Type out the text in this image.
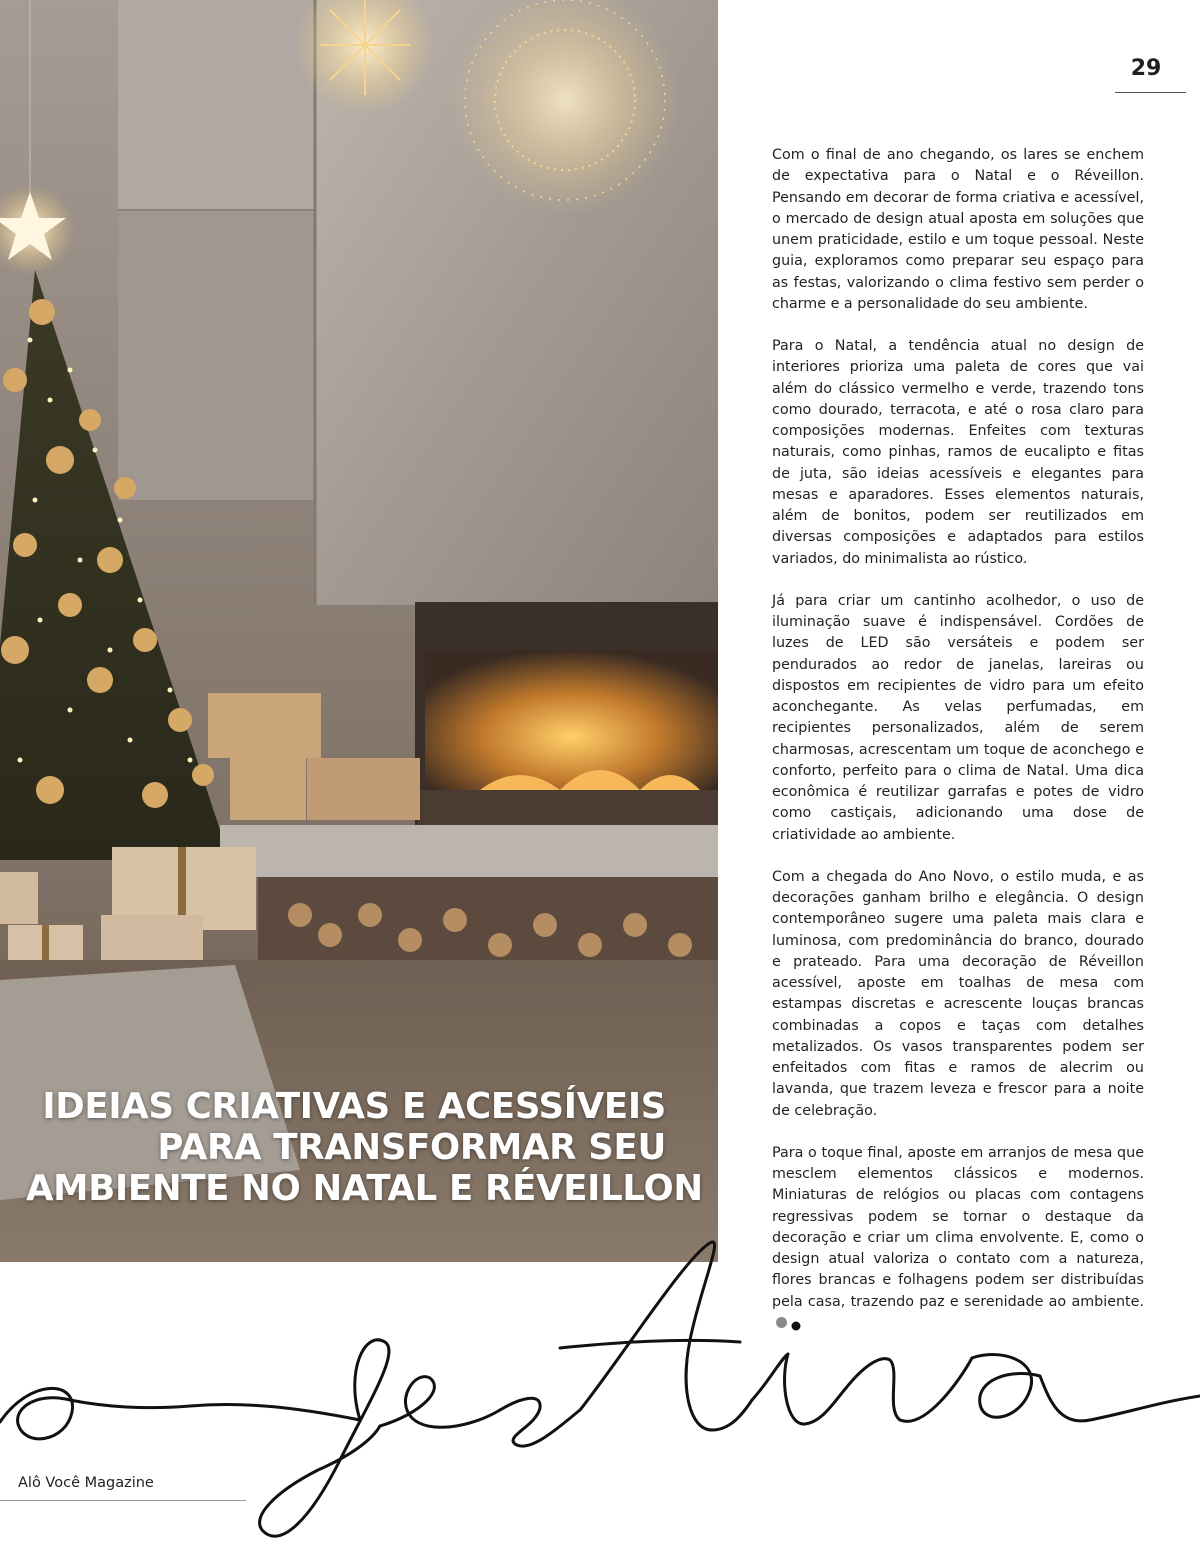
IDEIAS CRIATIVAS E ACESSÍVEIS
PARA TRANSFORMAR SEU
AMBIENTE NO NATAL E RÉVEILLON
29

Com o final de ano chegando, os lares se enchem de expectativa para o Natal e o Réveillon. Pensando em decorar de forma criativa e acessível, o mercado de design atual aposta em soluções que unem praticidade, estilo e um toque pessoal. Neste guia, exploramos como preparar seu espaço para as festas, valorizando o clima festivo sem perder o charme e a personalidade do seu ambiente.

Para o Natal, a tendência atual no design de interiores prioriza uma paleta de cores que vai além do clássico vermelho e verde, trazendo tons como dourado, terracota, e até o rosa claro para composições modernas. Enfeites com texturas naturais, como pinhas, ramos de eucalipto e fitas de juta, são ideias acessíveis e elegantes para mesas e aparadores. Esses elementos naturais, além de bonitos, podem ser reutilizados em diversas composições e adaptados para estilos variados, do minimalista ao rústico.

Já para criar um cantinho acolhedor, o uso de iluminação suave é indispensável. Cordões de luzes de LED são versáteis e podem ser pendurados ao redor de janelas, lareiras ou dispostos em recipientes de vidro para um efeito aconchegante. As velas perfumadas, em recipientes personalizados, além de serem charmosas, acrescentam um toque de aconchego e conforto, perfeito para o clima de Natal. Uma dica econômica é reutilizar garrafas e potes de vidro como castiçais, adicionando uma dose de criatividade ao ambiente.

Com a chegada do Ano Novo, o estilo muda, e as decorações ganham brilho e elegância. O design contemporâneo sugere uma paleta mais clara e luminosa, com predominância do branco, dourado e prateado. Para uma decoração de Réveillon acessível, aposte em toalhas de mesa com estampas discretas e acrescente louças brancas combinadas a copos e taças com detalhes metalizados. Os vasos transparentes podem ser enfeitados com fitas e ramos de alecrim ou lavanda, que trazem leveza e frescor para a noite de celebração.

Para o toque final, aposte em arranjos de mesa que mesclem elementos clássicos e modernos. Miniaturas de relógios ou placas com contagens regressivas podem se tornar o destaque da decoração e criar um clima envolvente. E, como o design atual valoriza o contato com a natureza, flores brancas e folhagens podem ser distribuídas pela casa, trazendo paz e serenidade ao ambiente.

Alô Você Magazine
